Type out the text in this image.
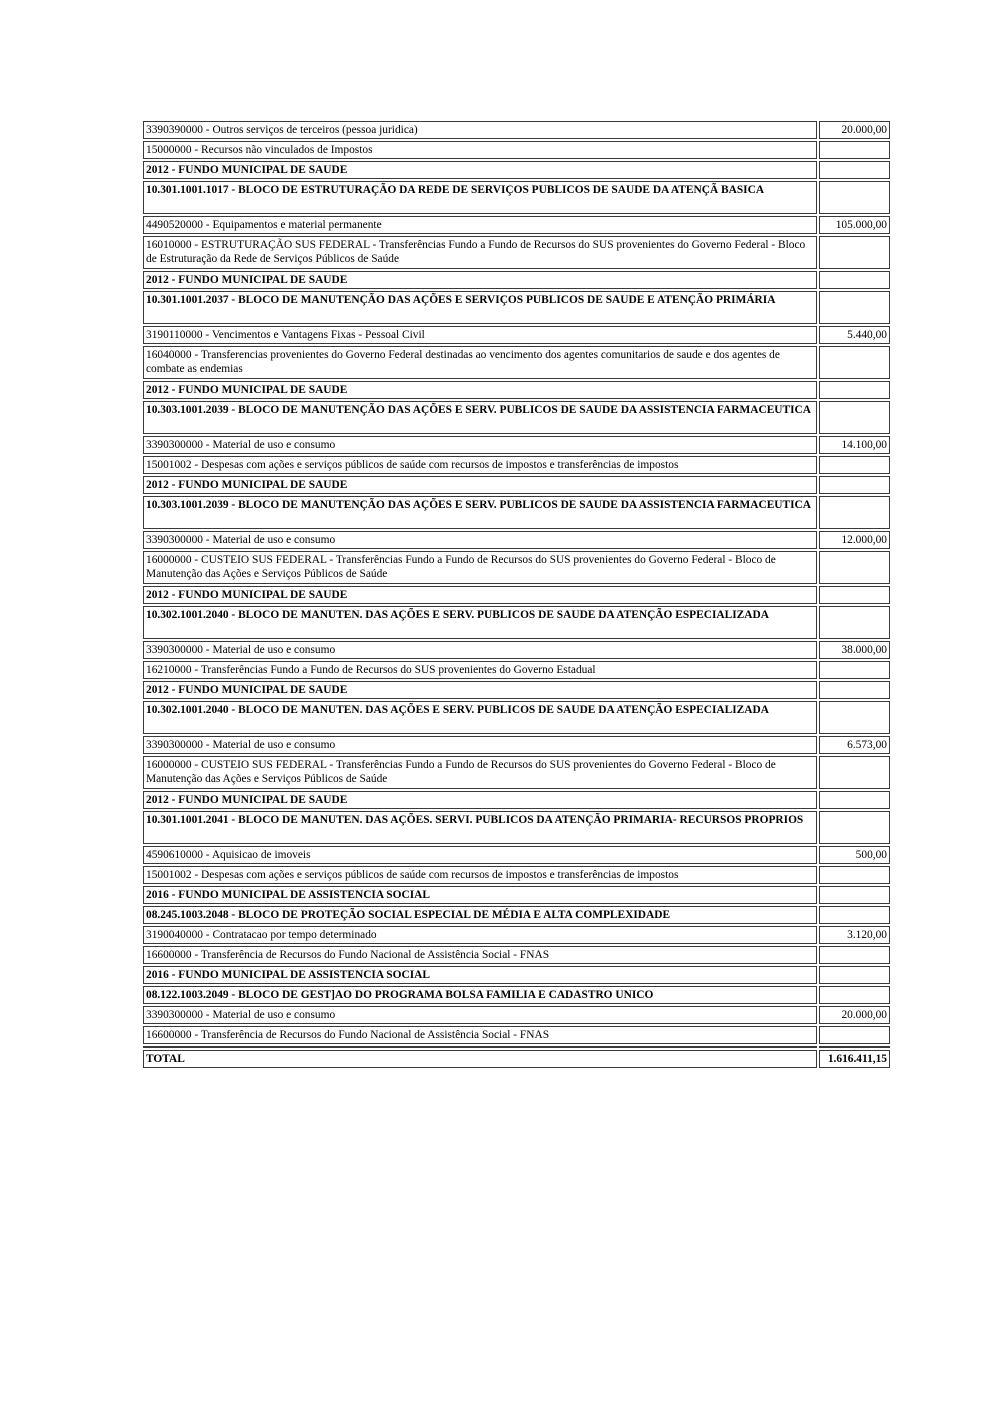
3390390000 - Outros serviços de terceiros (pessoa juridica)	20.000,00
15000000 - Recursos não vinculados de Impostos	
2012 - FUNDO MUNICIPAL DE SAUDE	
10.301.1001.1017 - BLOCO DE ESTRUTURAÇÃO DA REDE DE SERVIÇOS PUBLICOS DE SAUDE DA ATENÇÃ BASICA	
4490520000 - Equipamentos e material permanente	105.000,00
16010000 - ESTRUTURAÇÃO SUS FEDERAL - Transferências Fundo a Fundo de Recursos do SUS provenientes do Governo Federal - Bloco de Estruturação da Rede de Serviços Públicos de Saúde	
2012 - FUNDO MUNICIPAL DE SAUDE	
10.301.1001.2037 - BLOCO DE MANUTENÇÃO DAS AÇÕES E SERVIÇOS PUBLICOS DE SAUDE E ATENÇÃO PRIMÁRIA	
3190110000 - Vencimentos e Vantagens Fixas - Pessoal Civil	5.440,00
16040000 - Transferencias provenientes do Governo Federal destinadas ao vencimento dos agentes comunitarios de saude e dos agentes de combate as endemias	
2012 - FUNDO MUNICIPAL DE SAUDE	
10.303.1001.2039 - BLOCO DE MANUTENÇÃO DAS AÇÕES E SERV. PUBLICOS DE SAUDE DA ASSISTENCIA FARMACEUTICA	
3390300000 - Material de uso e consumo	14.100,00
15001002 - Despesas com ações e serviços públicos de saúde com recursos de impostos e transferências de impostos	
2012 - FUNDO MUNICIPAL DE SAUDE	
10.303.1001.2039 - BLOCO DE MANUTENÇÃO DAS AÇÕES E SERV. PUBLICOS DE SAUDE DA ASSISTENCIA FARMACEUTICA	
3390300000 - Material de uso e consumo	12.000,00
16000000 - CUSTEIO SUS FEDERAL - Transferências Fundo a Fundo de Recursos do SUS provenientes do Governo Federal - Bloco de Manutenção das Ações e Serviços Públicos de Saúde	
2012 - FUNDO MUNICIPAL DE SAUDE	
10.302.1001.2040 - BLOCO DE MANUTEN. DAS AÇÕES E SERV. PUBLICOS DE SAUDE DA ATENÇÃO ESPECIALIZADA	
3390300000 - Material de uso e consumo	38.000,00
16210000 - Transferências Fundo a Fundo de Recursos do SUS provenientes do Governo Estadual	
2012 - FUNDO MUNICIPAL DE SAUDE	
10.302.1001.2040 - BLOCO DE MANUTEN. DAS AÇÕES E SERV. PUBLICOS DE SAUDE DA ATENÇÃO ESPECIALIZADA	
3390300000 - Material de uso e consumo	6.573,00
16000000 - CUSTEIO SUS FEDERAL - Transferências Fundo a Fundo de Recursos do SUS provenientes do Governo Federal - Bloco de Manutenção das Ações e Serviços Públicos de Saúde	
2012 - FUNDO MUNICIPAL DE SAUDE	
10.301.1001.2041 - BLOCO DE MANUTEN. DAS AÇÕES. SERVI. PUBLICOS DA ATENÇÃO PRIMARIA- RECURSOS PROPRIOS	
4590610000 - Aquisicao de imoveis	500,00
15001002 - Despesas com ações e serviços públicos de saúde com recursos de impostos e transferências de impostos	
2016 - FUNDO MUNICIPAL DE ASSISTENCIA SOCIAL	
08.245.1003.2048 - BLOCO DE PROTEÇÃO SOCIAL ESPECIAL DE MÉDIA E ALTA COMPLEXIDADE	
3190040000 - Contratacao por tempo determinado	3.120,00
16600000 - Transferência de Recursos do Fundo Nacional de Assistência Social - FNAS	
2016 - FUNDO MUNICIPAL DE ASSISTENCIA SOCIAL	
08.122.1003.2049 - BLOCO DE GEST]AO DO PROGRAMA BOLSA FAMILIA E CADASTRO UNICO	
3390300000 - Material de uso e consumo	20.000,00
16600000 - Transferência de Recursos do Fundo Nacional de Assistência Social - FNAS	

TOTAL	1.616.411,15
